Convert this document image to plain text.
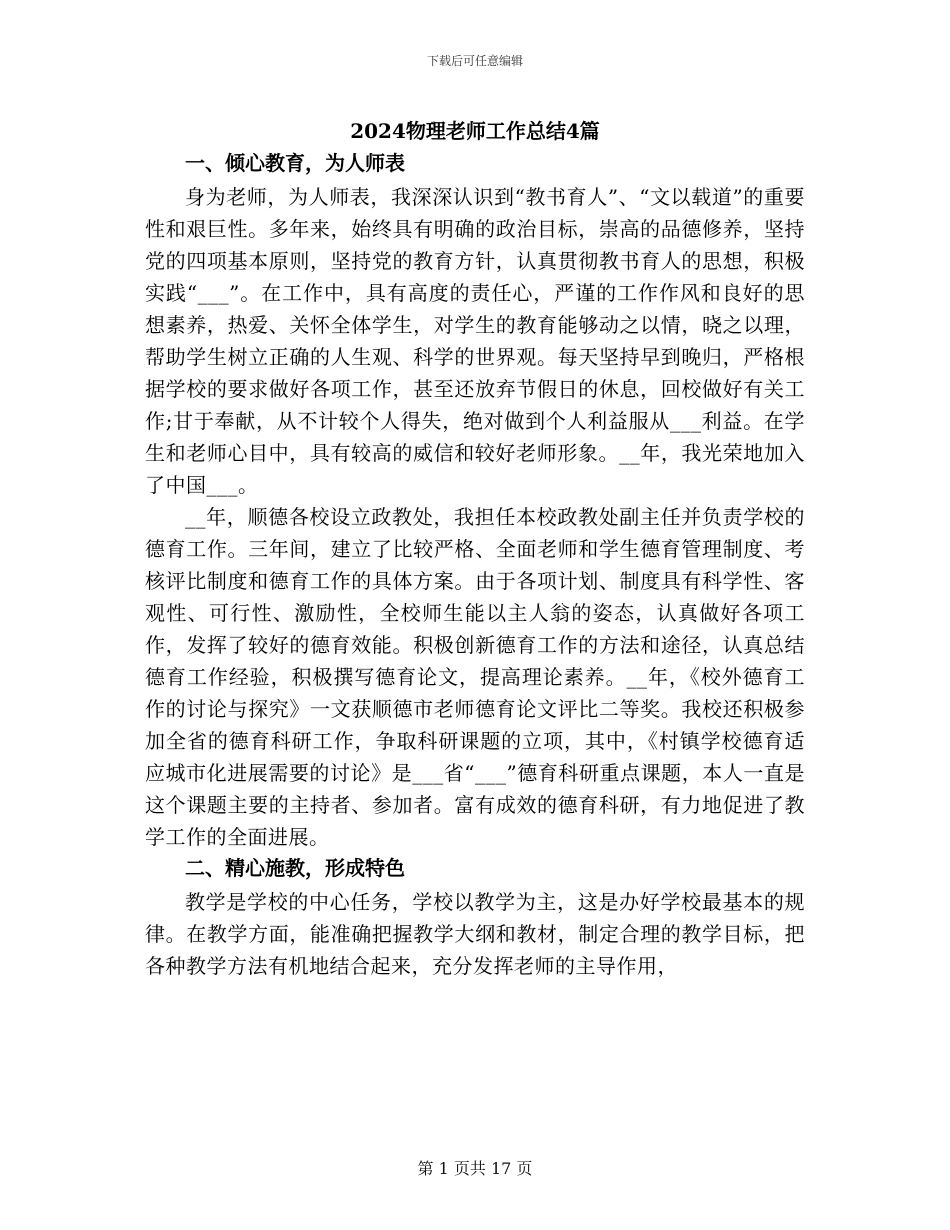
下载后可任意编辑
2024物理老师工作总结4篇
一、倾心教育，为人师表

身为老师，为人师表，我深深认识到“教书育人”、“文以载道”的重要性和艰巨性。多年来，始终具有明确的政治目标，崇高的品德修养，坚持党的四项基本原则，坚持党的教育方针，认真贯彻教书育人的思想，积极实践“___”。在工作中，具有高度的责任心，严谨的工作作风和良好的思想素养，热爱、关怀全体学生，对学生的教育能够动之以情，晓之以理，帮助学生树立正确的人生观、科学的世界观。每天坚持早到晚归，严格根据学校的要求做好各项工作，甚至还放弃节假日的休息，回校做好有关工作;甘于奉献，从不计较个人得失，绝对做到个人利益服从___利益。在学生和老师心目中，具有较高的威信和较好老师形象。__年，我光荣地加入了中国___。

__年，顺德各校设立政教处，我担任本校政教处副主任并负责学校的德育工作。三年间，建立了比较严格、全面老师和学生德育管理制度、考核评比制度和德育工作的具体方案。由于各项计划、制度具有科学性、客观性、可行性、激励性，全校师生能以主人翁的姿态，认真做好各项工作，发挥了较好的德育效能。积极创新德育工作的方法和途径，认真总结德育工作经验，积极撰写德育论文，提高理论素养。__年，《校外德育工作的讨论与探究》一文获顺德市老师德育论文评比二等奖。我校还积极参加全省的德育科研工作，争取科研课题的立项，其中，《村镇学校德育适应城市化进展需要的讨论》是___省“___”德育科研重点课题，本人一直是这个课题主要的主持者、参加者。富有成效的德育科研，有力地促进了教学工作的全面进展。

二、精心施教，形成特色

教学是学校的中心任务，学校以教学为主，这是办好学校最基本的规律。在教学方面，能准确把握教学大纲和教材，制定合理的教学目标，把各种教学方法有机地结合起来，充分发挥老师的主导作用，

第 1 页共 17 页
